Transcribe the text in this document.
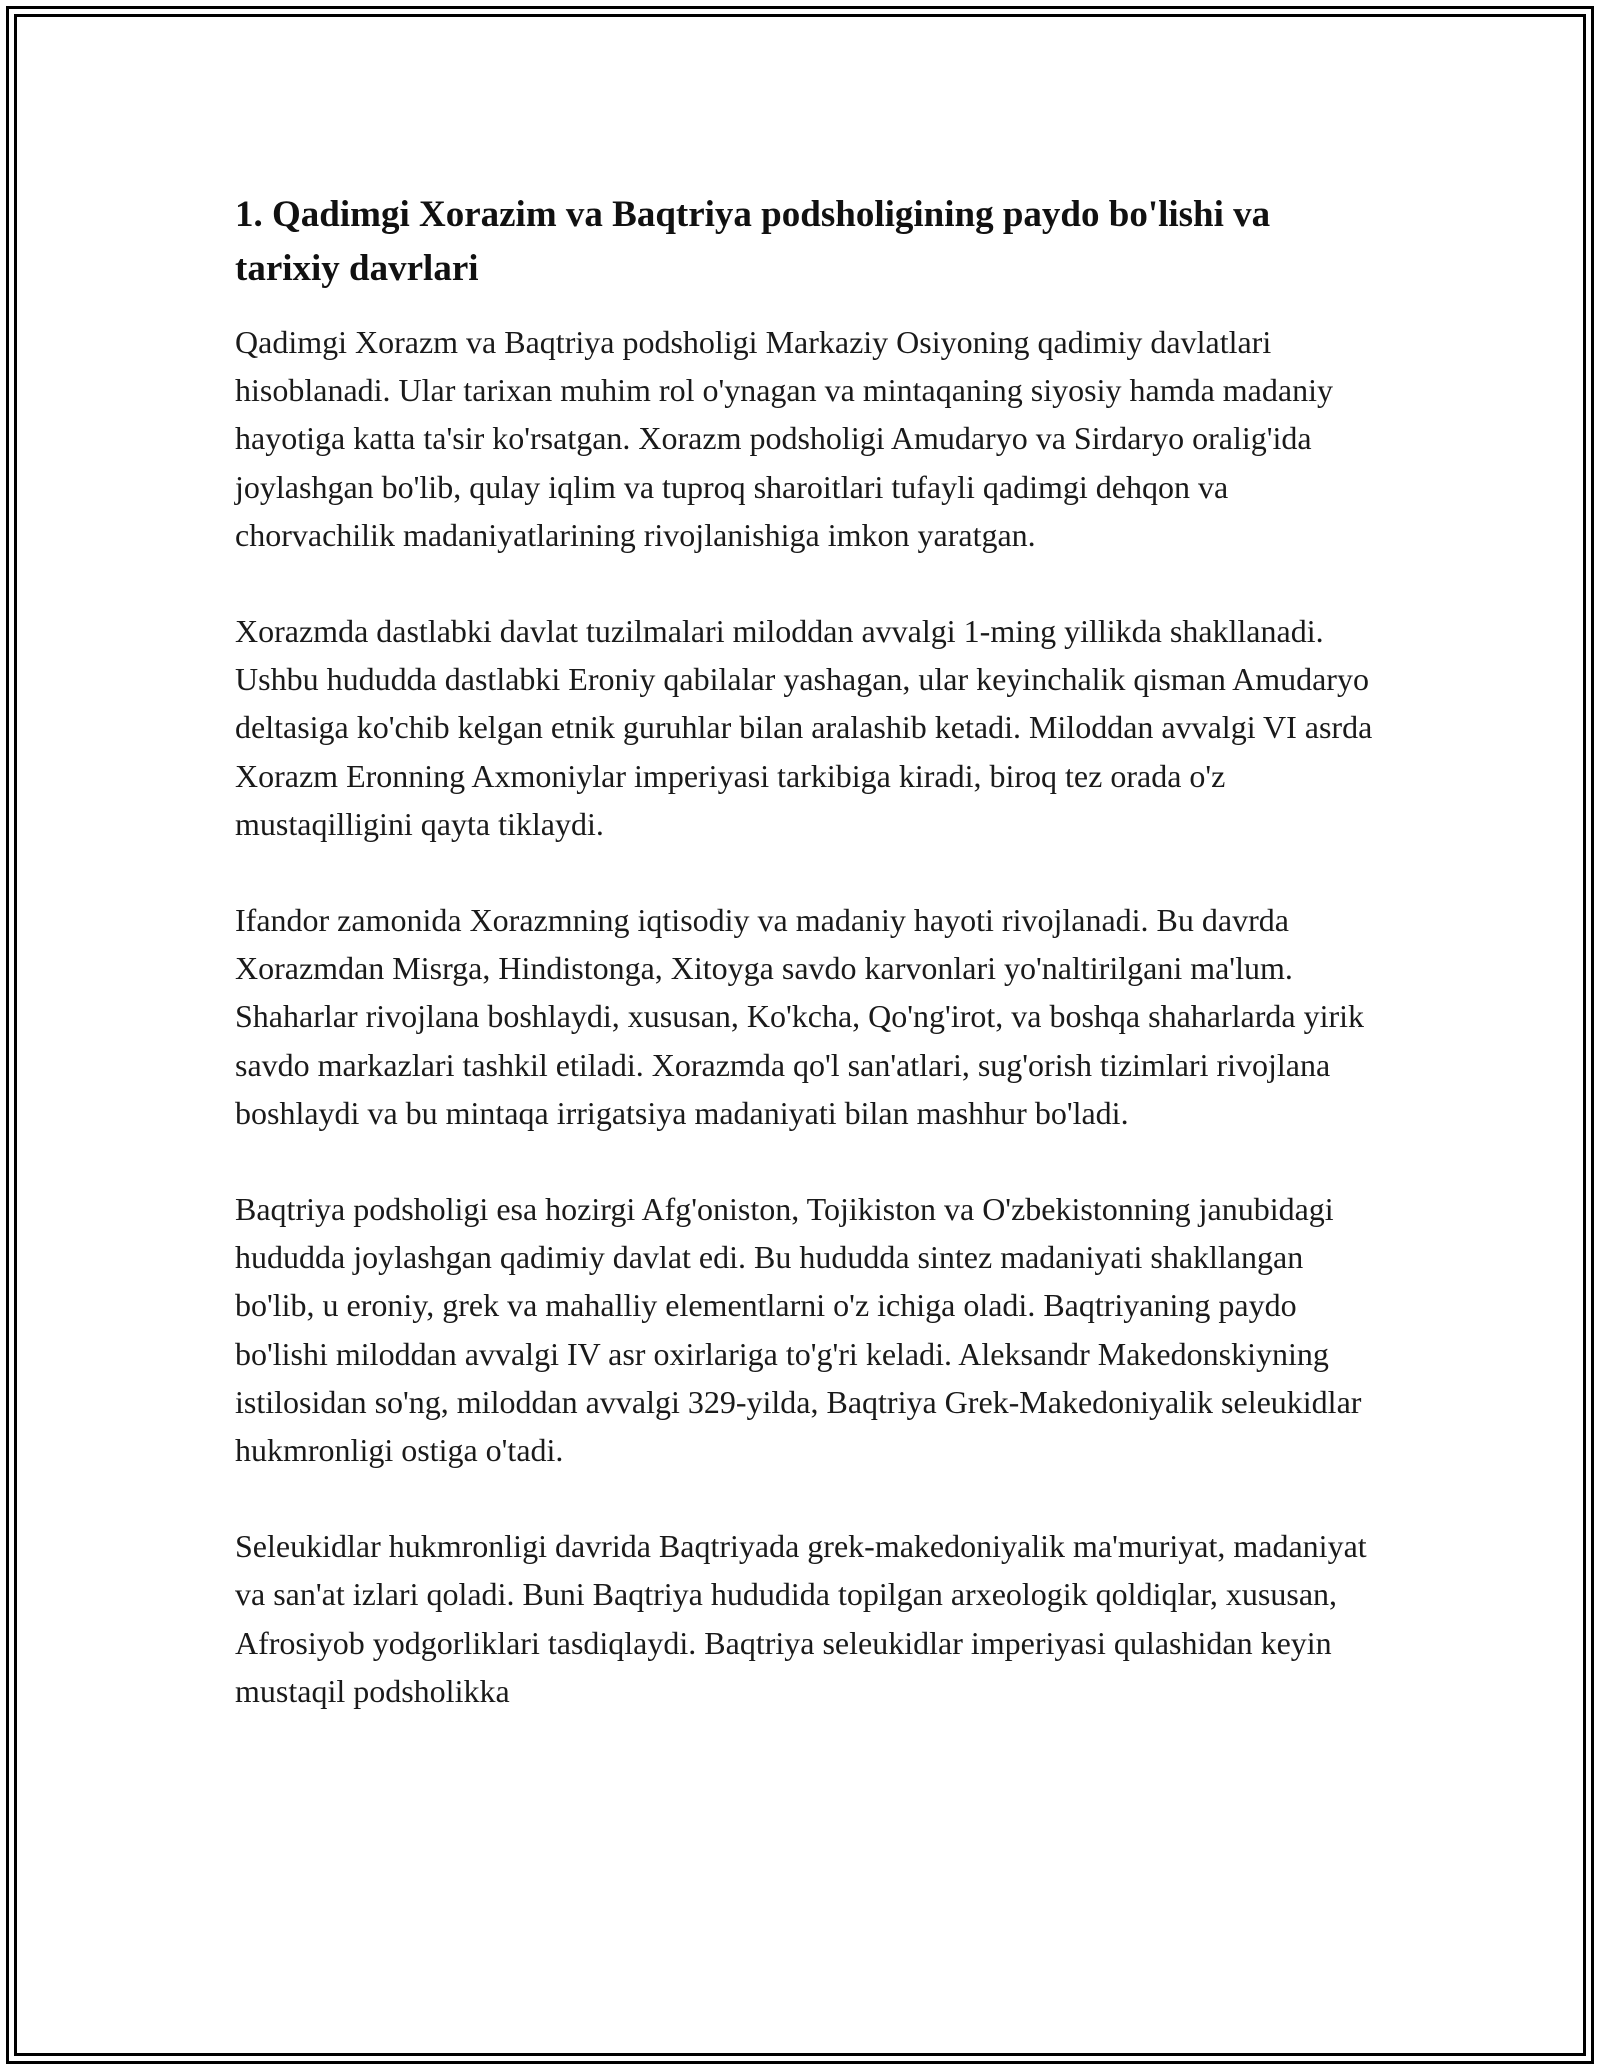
1. Qadimgi Xorazim va Baqtriya podsholigining paydo bo'lishi va tarixiy davrlari

Qadimgi Xorazm va Baqtriya podsholigi Markaziy Osiyoning qadimiy davlatlari hisoblanadi. Ular tarixan muhim rol o'ynagan va mintaqaning siyosiy hamda madaniy hayotiga katta ta'sir ko'rsatgan. Xorazm podsholigi Amudaryo va Sirdaryo oralig'ida joylashgan bo'lib, qulay iqlim va tuproq sharoitlari tufayli qadimgi dehqon va chorvachilik madaniyatlarining rivojlanishiga imkon yaratgan.

Xorazmda dastlabki davlat tuzilmalari miloddan avvalgi 1-ming yillikda shakllanadi. Ushbu hududda dastlabki Eroniy qabilalar yashagan, ular keyinchalik qisman Amudaryo deltasiga ko'chib kelgan etnik guruhlar bilan aralashib ketadi. Miloddan avvalgi VI asrda Xorazm Eronning Axmoniylar imperiyasi tarkibiga kiradi, biroq tez orada o'z mustaqilligini qayta tiklaydi.

Ifandor zamonida Xorazmning iqtisodiy va madaniy hayoti rivojlanadi. Bu davrda Xorazmdan Misrga, Hindistonga, Xitoyga savdo karvonlari yo'naltirilgani ma'lum. Shaharlar rivojlana boshlaydi, xususan, Ko'kcha, Qo'ng'irot, va boshqa shaharlarda yirik savdo markazlari tashkil etiladi. Xorazmda qo'l san'atlari, sug'orish tizimlari rivojlana boshlaydi va bu mintaqa irrigatsiya madaniyati bilan mashhur bo'ladi.

Baqtriya podsholigi esa hozirgi Afg'oniston, Tojikiston va O'zbekistonning janubidagi hududda joylashgan qadimiy davlat edi. Bu hududda sintez madaniyati shakllangan bo'lib, u eroniy, grek va mahalliy elementlarni o'z ichiga oladi. Baqtriyaning paydo bo'lishi miloddan avvalgi IV asr oxirlariga to'g'ri keladi. Aleksandr Makedonskiyning istilosidan so'ng, miloddan avvalgi 329-yilda, Baqtriya Grek-Makedoniyalik seleukidlar hukmronligi ostiga o'tadi.

Seleukidlar hukmronligi davrida Baqtriyada grek-makedoniyalik ma'muriyat, madaniyat va san'at izlari qoladi. Buni Baqtriya hududida topilgan arxeologik qoldiqlar, xususan, Afrosiyob yodgorliklari tasdiqlaydi. Baqtriya seleukidlar imperiyasi qulashidan keyin mustaqil podsholikka
